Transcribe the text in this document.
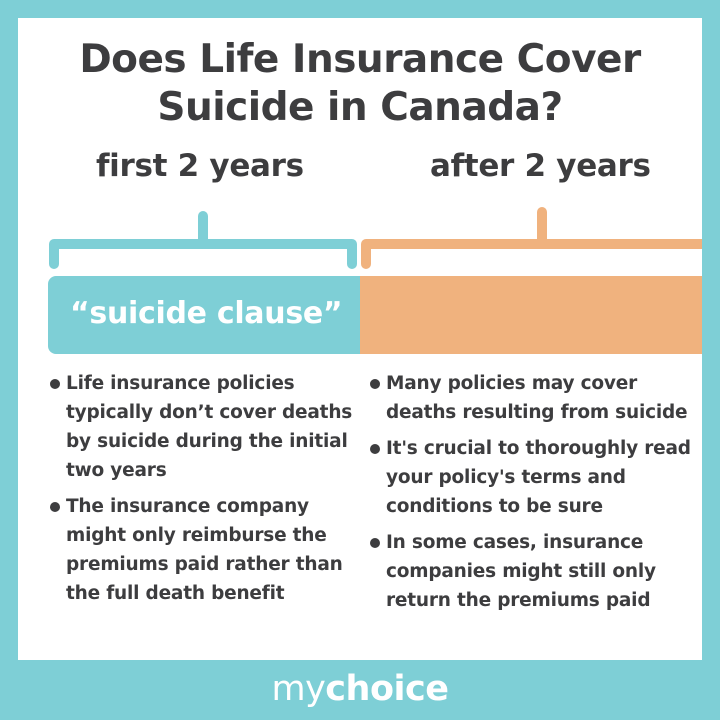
Does Life Insurance Cover Suicide in Canada?
first 2 years	after 2 years
“suicide clause”
Life insurance policies typically don’t cover deaths by suicide during the initial two years
The insurance company might only reimburse the premiums paid rather than the full death benefit
Many policies may cover deaths resulting from suicide
It's crucial to thoroughly read your policy's terms and conditions to be sure
In some cases, insurance companies might still only return the premiums paid
mychoice
